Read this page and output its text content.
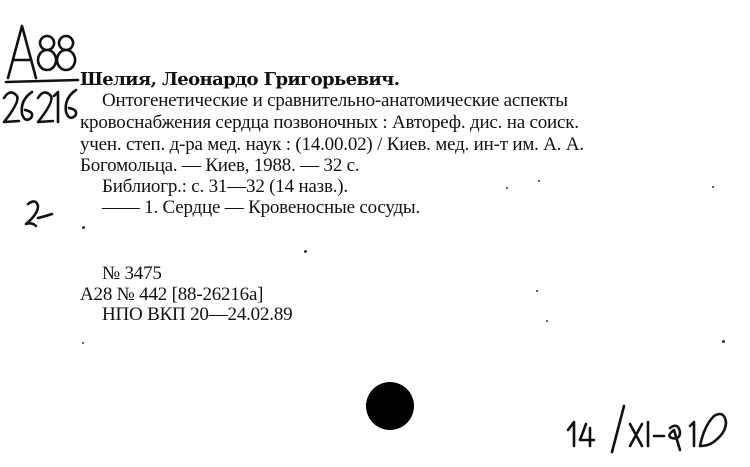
Шелия, Леонардо Григорьевич.
Онтогенетические и сравнительно-анатомические аспекты
кровоснабжения сердца позвоночных : Автореф. дис. на соиск.
учен. степ. д-ра мед. наук : (14.00.02) / Киев. мед. ин-т им. А. А.
Богомольца. — Киев, 1988. — 32 с.
Библиогр.: с. 31—32 (14 назв.).
—— 1. Сердце — Кровеносные сосуды.
№ 3475
А28 № 442 [88-26216а]
НПО ВКП 20—24.02.89
